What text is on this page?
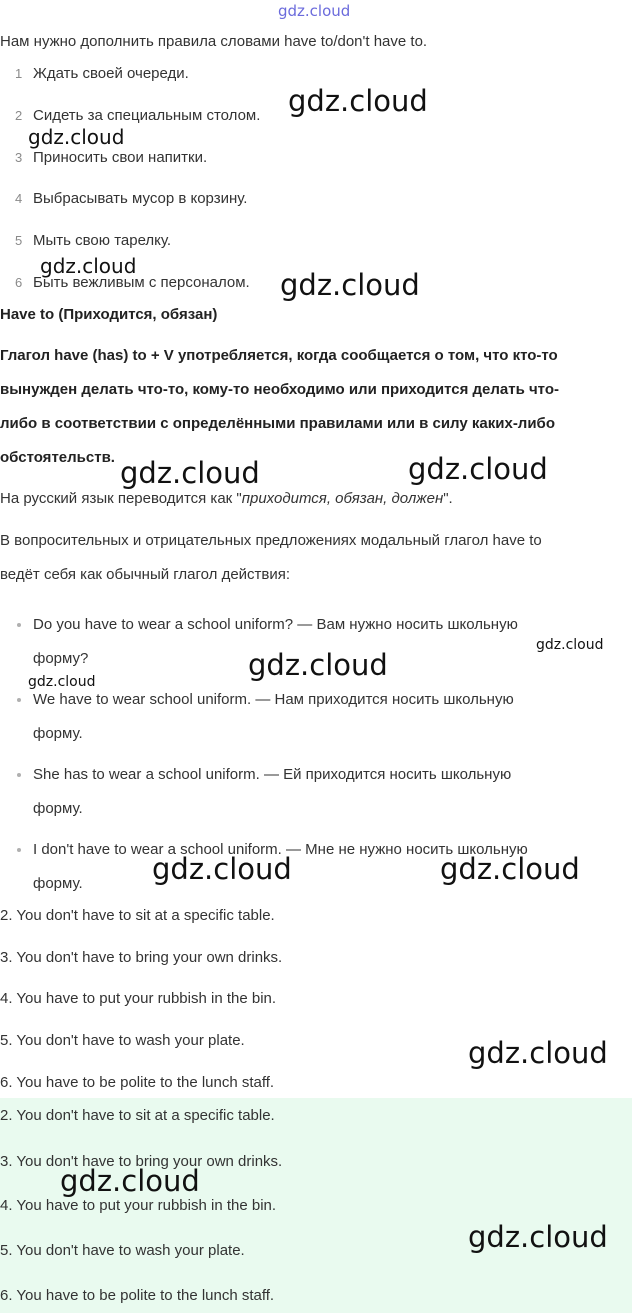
gdz.cloud
Нам нужно дополнить правила словами have to/don't have to.
1 Ждать своей очереди.
2 Сидеть за специальным столом.
3 Приносить свои напитки.
4 Выбрасывать мусор в корзину.
5 Мыть свою тарелку.
6 Быть вежливым с персоналом.
Have to (Приходится, обязан)
Глагол have (has) to + V употребляется, когда сообщается о том, что кто-то
вынужден делать что-то, кому-то необходимо или приходится делать что-
либо в соответствии с определёнными правилами или в силу каких-либо
обстоятельств.
На русский язык переводится как "приходится, обязан, должен".
В вопросительных и отрицательных предложениях модальный глагол have to
ведёт себя как обычный глагол действия:
Do you have to wear a school uniform? — Вам нужно носить школьную
форму?
We have to wear school uniform. — Нам приходится носить школьную
форму.
She has to wear a school uniform. — Ей приходится носить школьную
форму.
I don't have to wear a school uniform. — Мне не нужно носить школьную
форму.
2. You don't have to sit at a specific table.
3. You don't have to bring your own drinks.
4. You have to put your rubbish in the bin.
5. You don't have to wash your plate.
6. You have to be polite to the lunch staff.
2. You don't have to sit at a specific table.
3. You don't have to bring your own drinks.
4. You have to put your rubbish in the bin.
5. You don't have to wash your plate.
6. You have to be polite to the lunch staff.
gdz.cloud
gdz.cloud
gdz.cloud
gdz.cloud
gdz.cloud	gdz.cloud
gdz.cloud
gdz.cloud
gdz.cloud
gdz.cloud	gdz.cloud
gdz.cloud
gdz.cloud
gdz.cloud
